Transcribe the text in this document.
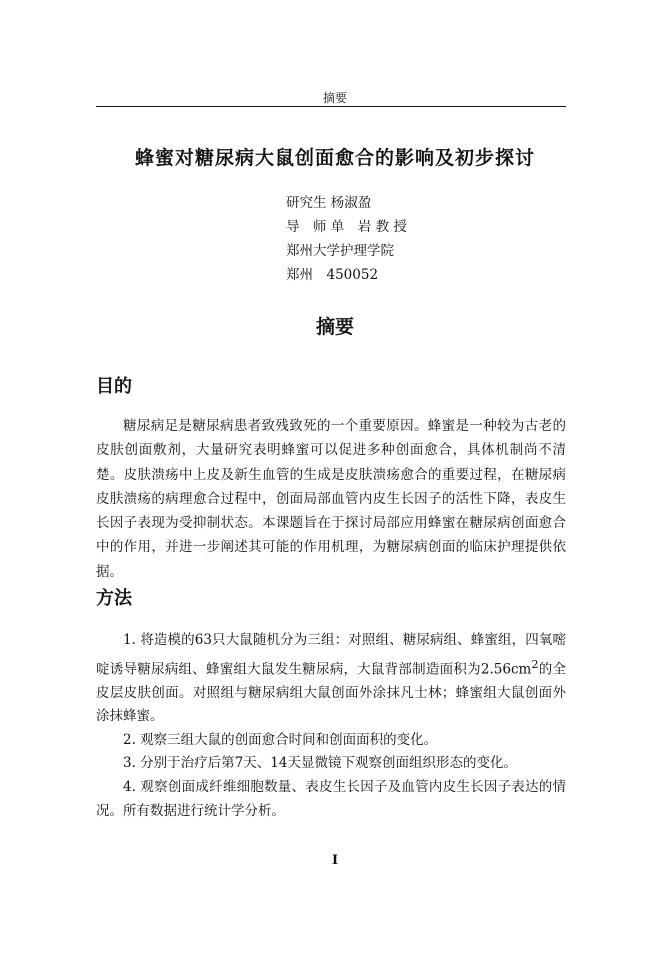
摘要
蜂蜜对糖尿病大鼠创面愈合的影响及初步探讨
研究生 杨淑盈
导　师 单　岩 教 授
郑州大学护理学院
郑州　450052
摘要
目的

糖尿病足是糖尿病患者致残致死的一个重要原因。蜂蜜是一种较为古老的皮肤创面敷剂，大量研究表明蜂蜜可以促进多种创面愈合，具体机制尚不清楚。皮肤溃疡中上皮及新生血管的生成是皮肤溃疡愈合的重要过程，在糖尿病皮肤溃疡的病理愈合过程中，创面局部血管内皮生长因子的活性下降，表皮生长因子表现为受抑制状态。本课题旨在于探讨局部应用蜂蜜在糖尿病创面愈合中的作用，并进一步阐述其可能的作用机理，为糖尿病创面的临床护理提供依据。

方法

1. 将造模的63只大鼠随机分为三组：对照组、糖尿病组、蜂蜜组，四氧嘧啶诱导糖尿病组、蜂蜜组大鼠发生糖尿病，大鼠背部制造面积为$2.56cm^2$的全皮层皮肤创面。对照组与糖尿病组大鼠创面外涂抹凡士林；蜂蜜组大鼠创面外涂抹蜂蜜。

2. 观察三组大鼠的创面愈合时间和创面面积的变化。

3. 分别于治疗后第7天、14天显微镜下观察创面组织形态的变化。

4. 观察创面成纤维细胞数量、表皮生长因子及血管内皮生长因子表达的情况。所有数据进行统计学分析。

I
